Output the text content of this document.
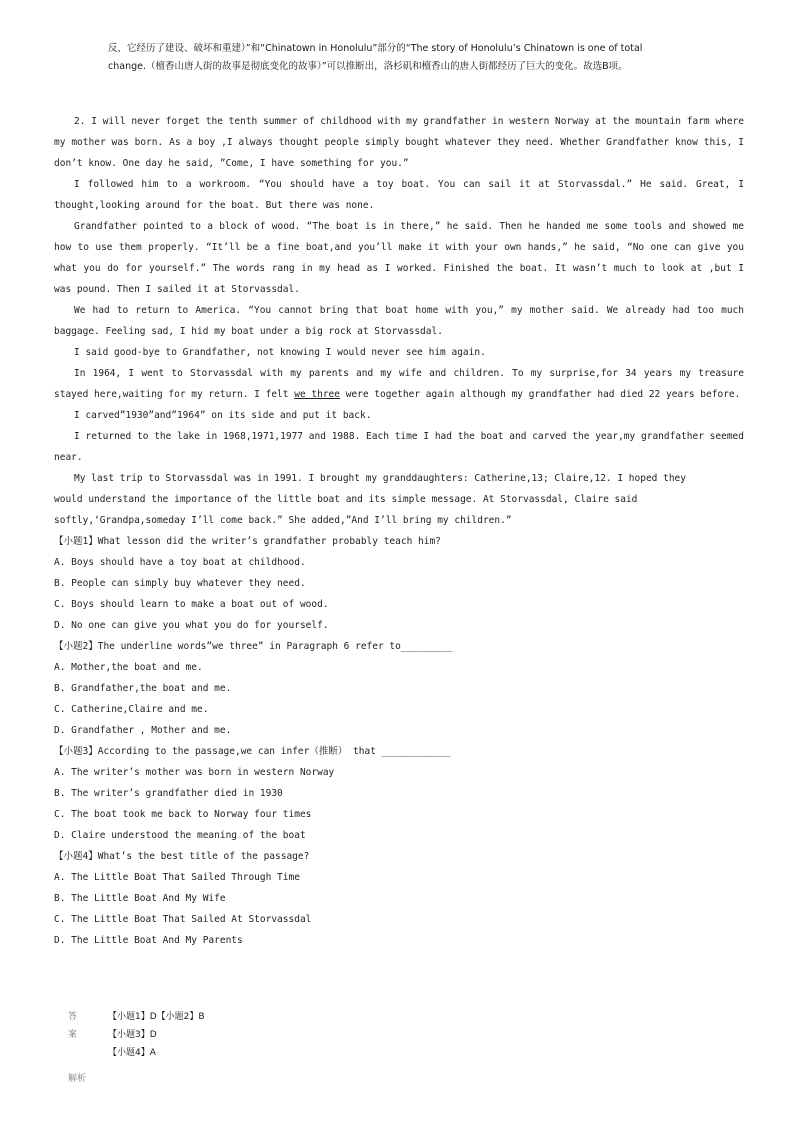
反，它经历了建设、破坏和重建）”和“Chinatown in Honolulu”部分的“The story of Honolulu’s Chinatown is one of total
change.（檀香山唐人街的故事是彻底变化的故事）”可以推断出，洛杉矶和檀香山的唐人街都经历了巨大的变化。故选B项。

2. I will never forget the tenth summer of childhood with my grandfather in western Norway at the mountain farm where my mother was born. As a boy ,I always thought people simply bought whatever they need. Whether Grandfather know this, I don’t know. One day he said, ”Come, I have something for you.”

I followed him to a workroom. “You should have a toy boat. You can sail it at Storvassdal.” He said. Great, I thought,looking around for the boat. But there was none.

Grandfather pointed to a block of wood. “The boat is in there,” he said. Then he handed me some tools and showed me how to use them properly. “It’ll be a fine boat,and you’ll make it with your own hands,” he said, “No one can give you what you do for yourself.” The words rang in my head as I worked. Finished the boat. It wasn’t much to look at ,but I was pound. Then I sailed it at Storvassdal.

We had to return to America. “You cannot bring that boat home with you,” my mother said. We already had too much baggage. Feeling sad, I hid my boat under a big rock at Storvassdal.

I said good-bye to Grandfather, not knowing I would never see him again.

In 1964, I went to Storvassdal with my parents and my wife and children. To my surprise,for 34 years my treasure stayed here,waiting for my return. I felt we three were together again although my grandfather had died 22 years before.

I carved”1930”and”1964” on its side and put it back.

I returned to the lake in 1968,1971,1977 and 1988. Each time I had the boat and carved the year,my grandfather seemed near.

My last trip to Storvassdal was in 1991. I brought my granddaughters: Catherine,13; Claire,12. I hoped they
would understand the importance of the little boat and its simple message. At Storvassdal, Claire said
softly,‘Grandpa,someday I’ll come back.” She added,”And I’ll bring my children.”
【小题1】What lesson did the writer’s grandfather probably teach him?
A. Boys should have a toy boat at childhood.
B. People can simply buy whatever they need.
C. Boys should learn to make a boat out of wood.
D. No one can give you what you do for yourself.
【小题2】The underline words”we three” in Paragraph 6 refer to_________
A. Mother,the boat and me.
B. Grandfather,the boat and me.
C. Catherine,Claire and me.
D. Grandfather , Mother and me.
【小题3】According to the passage,we can infer（推断） that ____________
A. The writer’s mother was born in western Norway
B. The writer’s grandfather died in 1930
C. The boat took me back to Norway four times
D. Claire understood the meaning of the boat
【小题4】What’s the best title of the passage?
A. The Little Boat That Sailed Through Time
B. The Little Boat And My Wife
C. The Little Boat That Sailed At Storvassdal
D. The Little Boat And My Parents
答案
【小题1】D【小题2】B
【小题3】D
【小题4】A
解析
